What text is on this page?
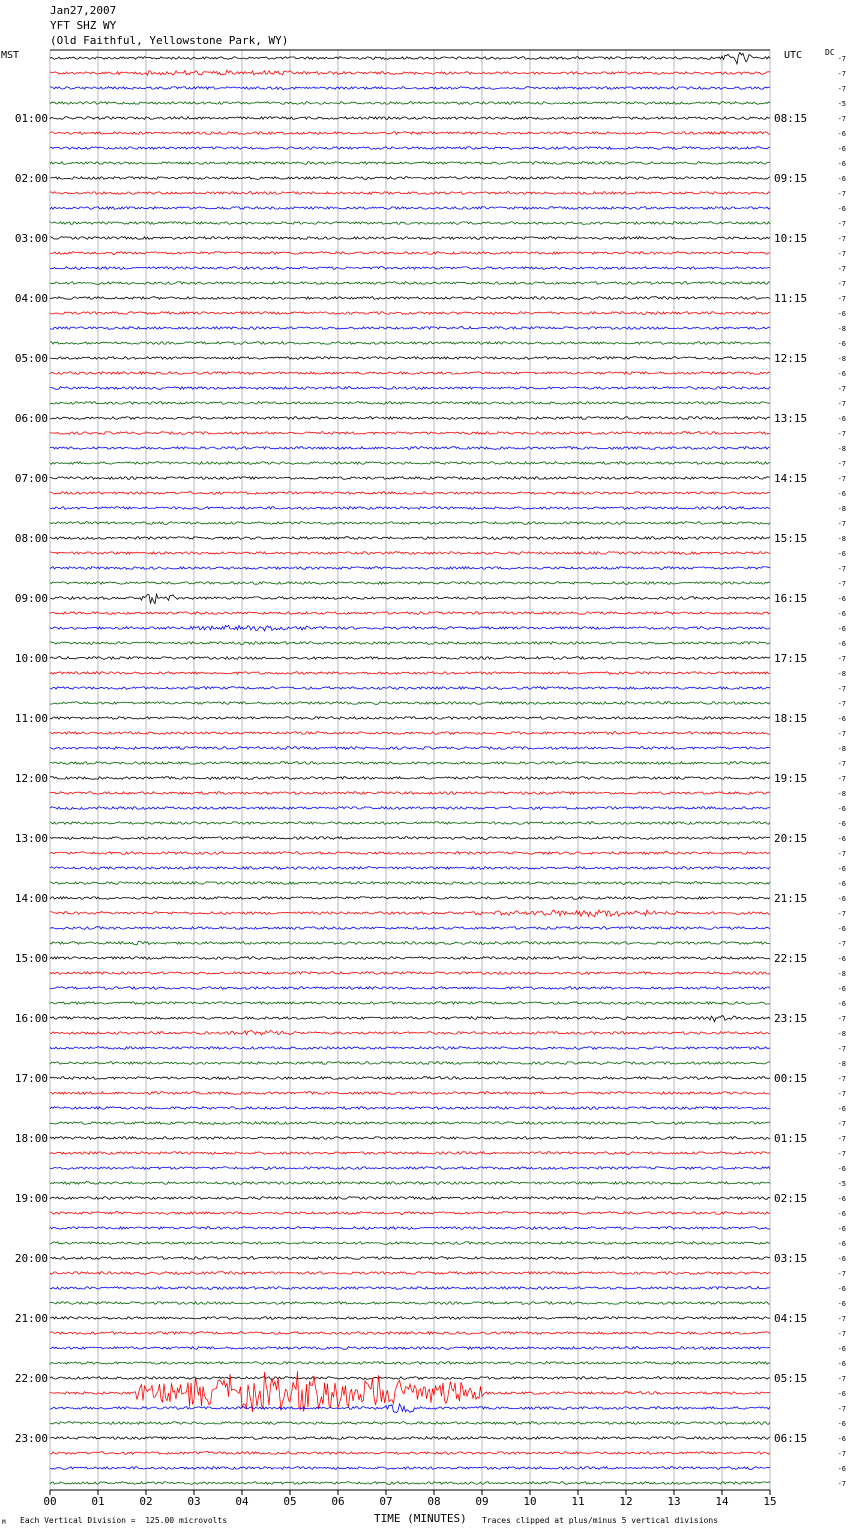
Jan27,2007
YFT SHZ WY
(Old Faithful, Yellowstone Park, WY)
MST	UTC	DC
01:00
02:00
03:00
04:00
05:00
06:00
07:00
08:00
09:00
10:00
11:00
12:00
13:00
14:00
15:00
16:00
17:00
18:00
19:00
20:00
21:00
22:00
23:00
08:15
09:15
10:15
11:15
12:15
13:15
14:15
15:15
16:15
17:15
18:15
19:15
20:15
21:15
22:15
23:15
00:15
01:15
02:15
03:15
04:15
05:15
06:15
-7
-7
-7
-5
-7
-6
-6
-6
-6
-7
-6
-7
-7
-7
-7
-7
-7
-6
-8
-6
-8
-6
-7
-7
-6
-7
-8
-7
-7
-6
-8
-7
-8
-6
-7
-7
-6
-6
-6
-6
-7
-8
-7
-7
-6
-7
-8
-7
-7
-8
-6
-6
-6
-7
-6
-6
-6
-7
-6
-7
-6
-8
-6
-6
-7
-8
-7
-8
-7
-7
-6
-7
-7
-7
-6
-5
-6
-6
-6
-6
-6
-7
-6
-6
-7
-7
-6
-6
-7
-6
-7
-6
-6
-7
-6
-7
00	01	02	03	04	05	06	07	08	09	10	11	12	13	14	15
TIME (MINUTES)
M Each Vertical Division =  125.00 microvolts	Traces clipped at plus/minus 5 vertical divisions
